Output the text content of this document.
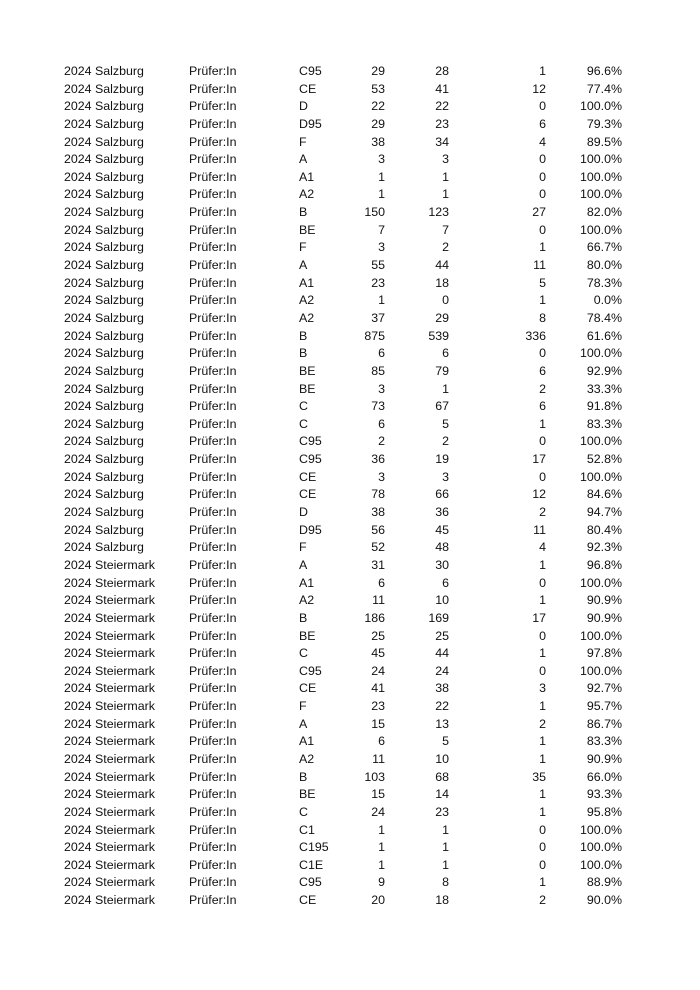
2024 Salzburg	Prüfer:In	C95	29	28	1	96.6%
2024 Salzburg	Prüfer:In	CE	53	41	12	77.4%
2024 Salzburg	Prüfer:In	D	22	22	0	100.0%
2024 Salzburg	Prüfer:In	D95	29	23	6	79.3%
2024 Salzburg	Prüfer:In	F	38	34	4	89.5%
2024 Salzburg	Prüfer:In	A	3	3	0	100.0%
2024 Salzburg	Prüfer:In	A1	1	1	0	100.0%
2024 Salzburg	Prüfer:In	A2	1	1	0	100.0%
2024 Salzburg	Prüfer:In	B	150	123	27	82.0%
2024 Salzburg	Prüfer:In	BE	7	7	0	100.0%
2024 Salzburg	Prüfer:In	F	3	2	1	66.7%
2024 Salzburg	Prüfer:In	A	55	44	11	80.0%
2024 Salzburg	Prüfer:In	A1	23	18	5	78.3%
2024 Salzburg	Prüfer:In	A2	1	0	1	0.0%
2024 Salzburg	Prüfer:In	A2	37	29	8	78.4%
2024 Salzburg	Prüfer:In	B	875	539	336	61.6%
2024 Salzburg	Prüfer:In	B	6	6	0	100.0%
2024 Salzburg	Prüfer:In	BE	85	79	6	92.9%
2024 Salzburg	Prüfer:In	BE	3	1	2	33.3%
2024 Salzburg	Prüfer:In	C	73	67	6	91.8%
2024 Salzburg	Prüfer:In	C	6	5	1	83.3%
2024 Salzburg	Prüfer:In	C95	2	2	0	100.0%
2024 Salzburg	Prüfer:In	C95	36	19	17	52.8%
2024 Salzburg	Prüfer:In	CE	3	3	0	100.0%
2024 Salzburg	Prüfer:In	CE	78	66	12	84.6%
2024 Salzburg	Prüfer:In	D	38	36	2	94.7%
2024 Salzburg	Prüfer:In	D95	56	45	11	80.4%
2024 Salzburg	Prüfer:In	F	52	48	4	92.3%
2024 Steiermark	Prüfer:In	A	31	30	1	96.8%
2024 Steiermark	Prüfer:In	A1	6	6	0	100.0%
2024 Steiermark	Prüfer:In	A2	11	10	1	90.9%
2024 Steiermark	Prüfer:In	B	186	169	17	90.9%
2024 Steiermark	Prüfer:In	BE	25	25	0	100.0%
2024 Steiermark	Prüfer:In	C	45	44	1	97.8%
2024 Steiermark	Prüfer:In	C95	24	24	0	100.0%
2024 Steiermark	Prüfer:In	CE	41	38	3	92.7%
2024 Steiermark	Prüfer:In	F	23	22	1	95.7%
2024 Steiermark	Prüfer:In	A	15	13	2	86.7%
2024 Steiermark	Prüfer:In	A1	6	5	1	83.3%
2024 Steiermark	Prüfer:In	A2	11	10	1	90.9%
2024 Steiermark	Prüfer:In	B	103	68	35	66.0%
2024 Steiermark	Prüfer:In	BE	15	14	1	93.3%
2024 Steiermark	Prüfer:In	C	24	23	1	95.8%
2024 Steiermark	Prüfer:In	C1	1	1	0	100.0%
2024 Steiermark	Prüfer:In	C195	1	1	0	100.0%
2024 Steiermark	Prüfer:In	C1E	1	1	0	100.0%
2024 Steiermark	Prüfer:In	C95	9	8	1	88.9%
2024 Steiermark	Prüfer:In	CE	20	18	2	90.0%
